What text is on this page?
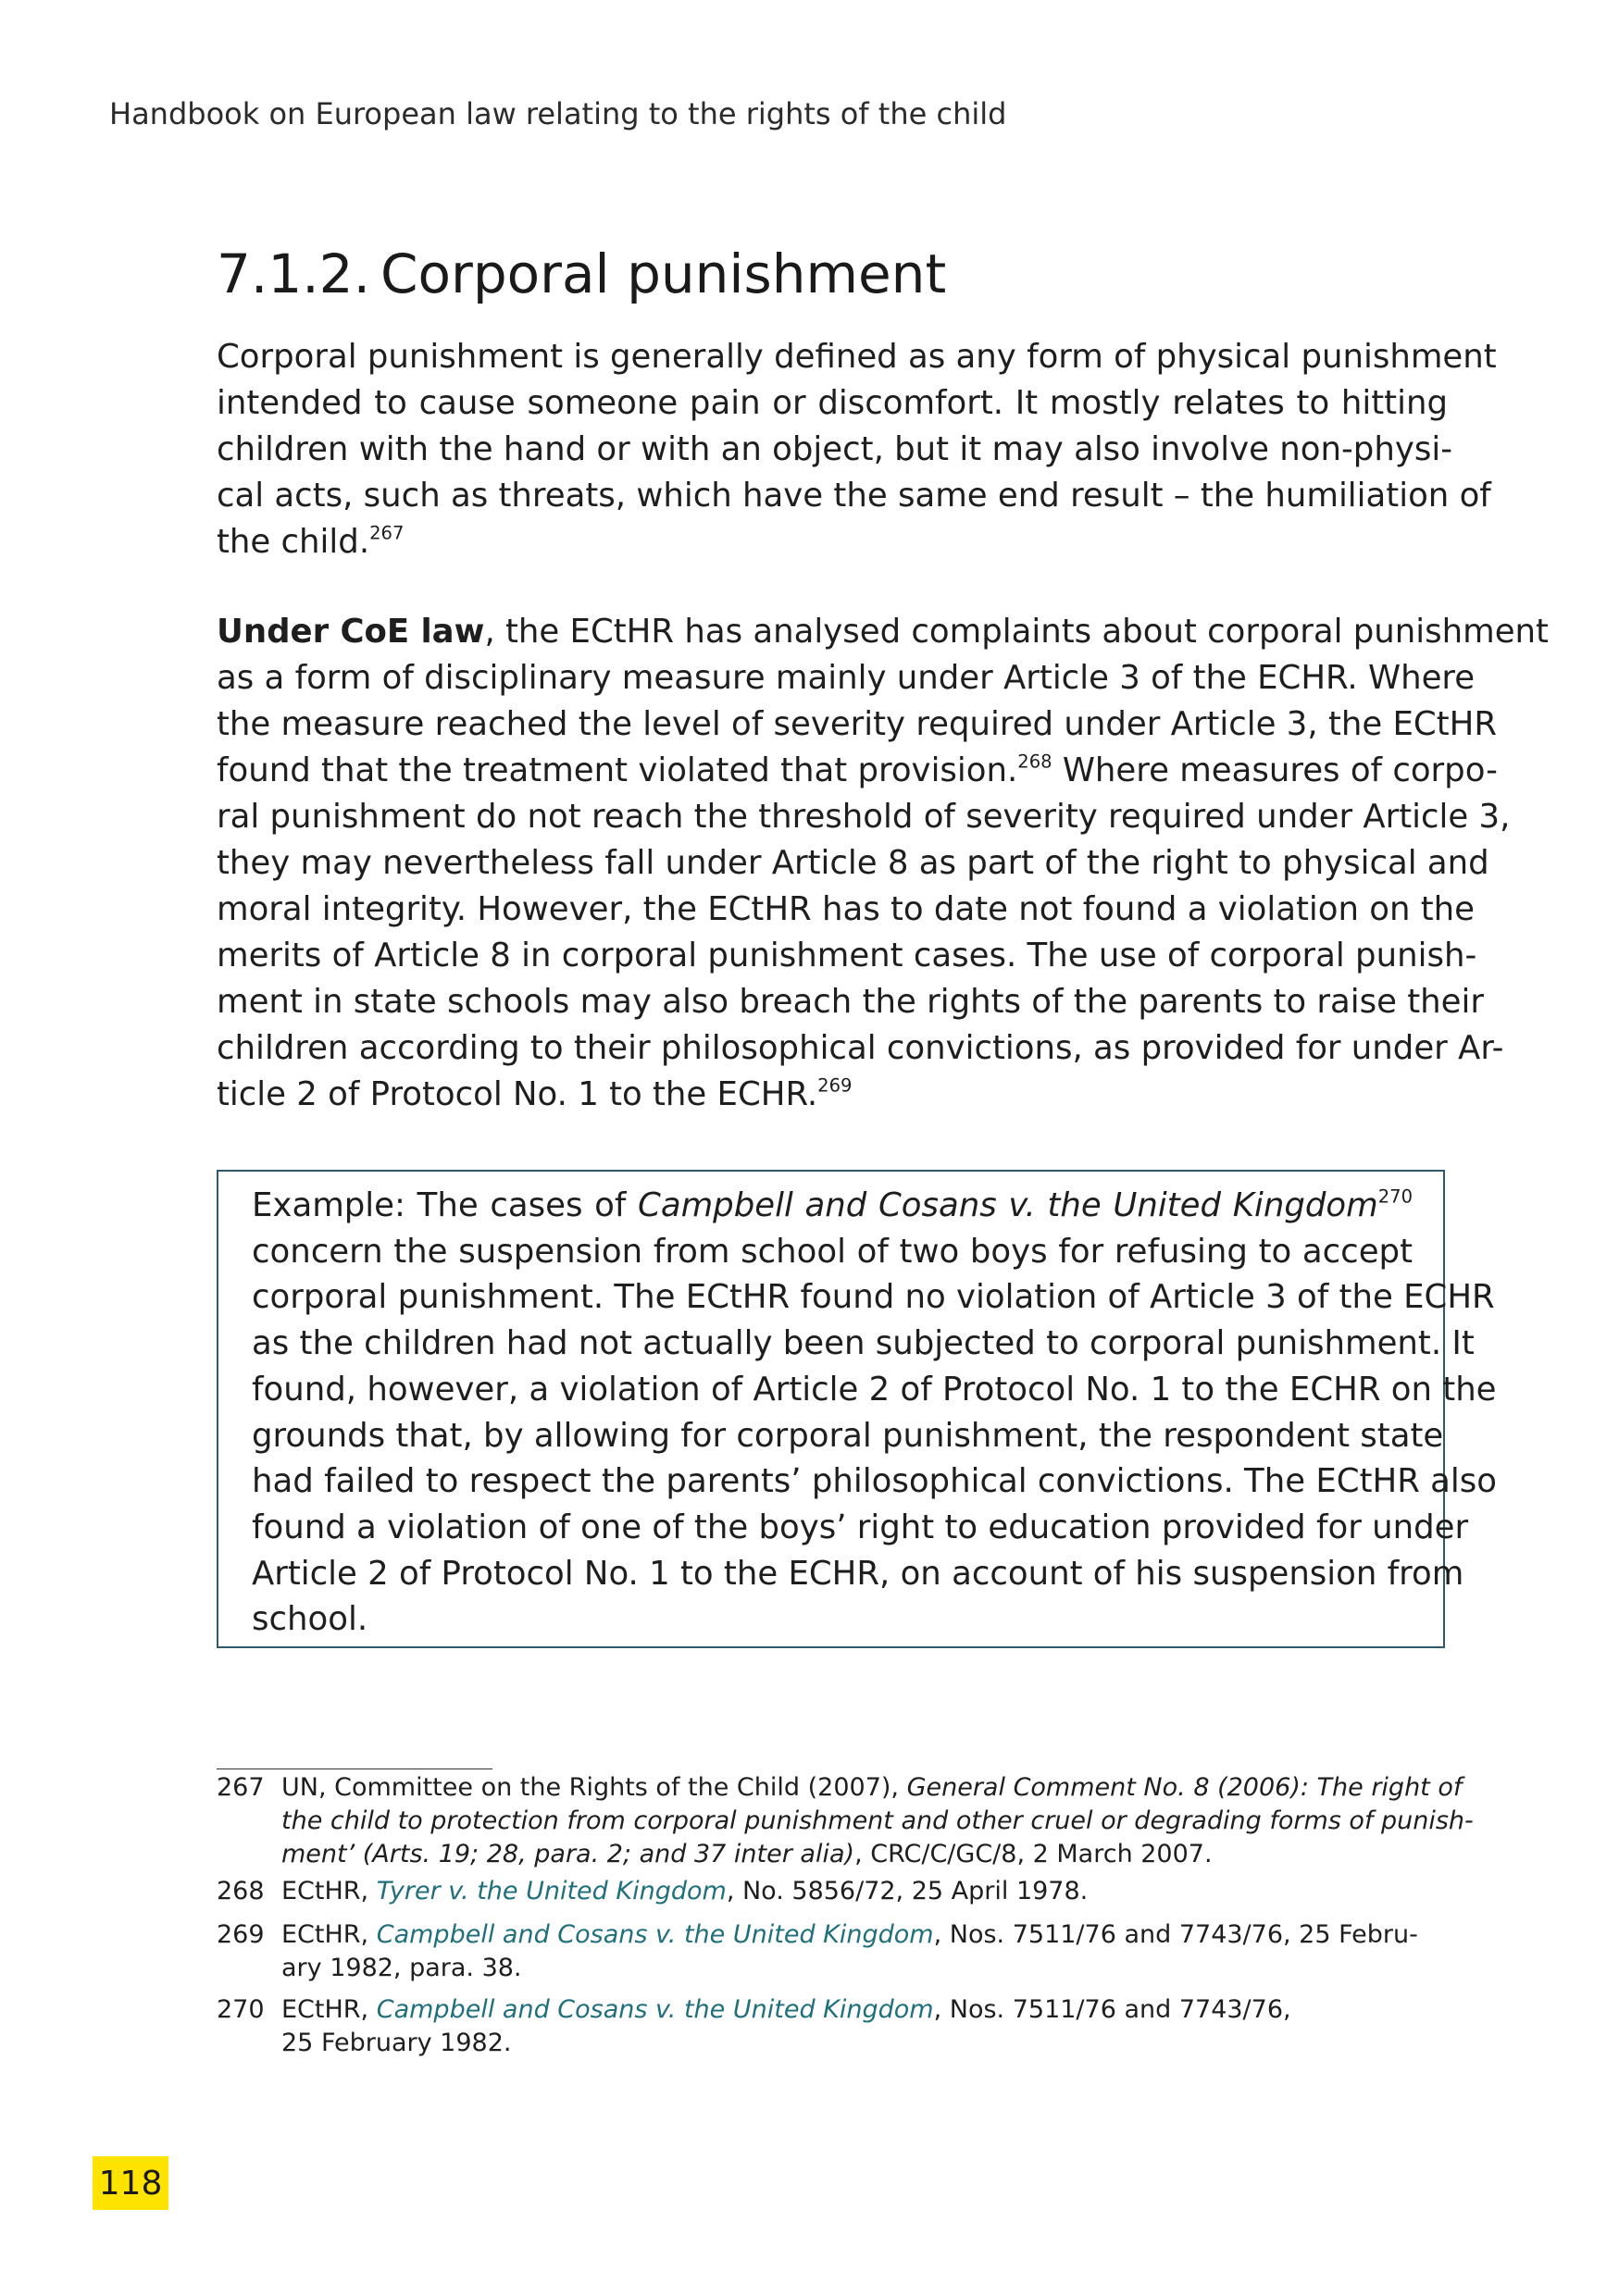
Handbook on European law relating to the rights of the child
7.1.2. Corporal punishment
Corporal punishment is generally defined as any form of physical punishment
intended to cause someone pain or discomfort. It mostly relates to hitting
children with the hand or with an object, but it may also involve non-physi-
cal acts, such as threats, which have the same end result – the humiliation of
the child.$^{267}$
Under CoE law, the ECtHR has analysed complaints about corporal punishment
as a form of disciplinary measure mainly under Article 3 of the ECHR. Where
the measure reached the level of severity required under Article 3, the ECtHR
found that the treatment violated that provision.$^{268}$ Where measures of corpo-
ral punishment do not reach the threshold of severity required under Article 3,
they may nevertheless fall under Article 8 as part of the right to physical and
moral integrity. However, the ECtHR has to date not found a violation on the
merits of Article 8 in corporal punishment cases. The use of corporal punish-
ment in state schools may also breach the rights of the parents to raise their
children according to their philosophical convictions, as provided for under Ar-
ticle 2 of Protocol No. 1 to the ECHR.$^{269}$
Example: The cases of Campbell and Cosans v. the United Kingdom$^{270}$
concern the suspension from school of two boys for refusing to accept
corporal punishment. The ECtHR found no violation of Article 3 of the ECHR
as the children had not actually been subjected to corporal punishment. It
found, however, a violation of Article 2 of Protocol No. 1 to the ECHR on the
grounds that, by allowing for corporal punishment, the respondent state
had failed to respect the parents’ philosophical convictions. The ECtHR also
found a violation of one of the boys’ right to education provided for under
Article 2 of Protocol No. 1 to the ECHR, on account of his suspension from
school.
267 UN, Committee on the Rights of the Child (2007), General Comment No. 8 (2006): The right of
the child to protection from corporal punishment and other cruel or degrading forms of punish-
ment’ (Arts. 19; 28, para. 2; and 37 inter alia), CRC/C/GC/8, 2 March 2007.
268 ECtHR, Tyrer v. the United Kingdom, No. 5856/72, 25 April 1978.
269 ECtHR, Campbell and Cosans v. the United Kingdom, Nos. 7511/76 and 7743/76, 25 Febru-
ary 1982, para. 38.
270 ECtHR, Campbell and Cosans v. the United Kingdom, Nos. 7511/76 and 7743/76,
25 February 1982.
118
